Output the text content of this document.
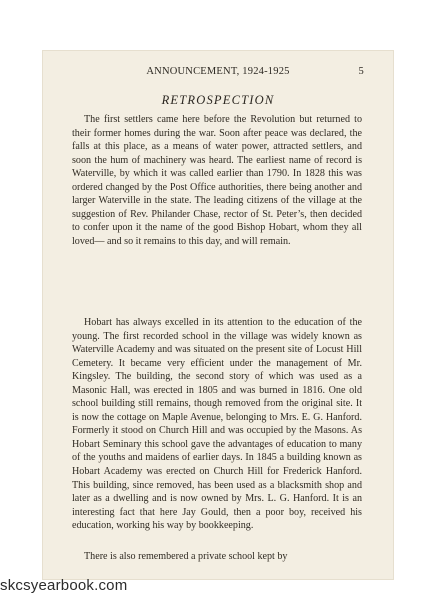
ANNOUNCEMENT, 1924-1925	5
RETROSPECTION

The first settlers came here before the Revolution but returned to their former homes during the war. Soon after peace was declared, the falls at this place, as a means of water power, attracted settlers, and soon the hum of machinery was heard. The earliest name of record is Waterville, by which it was called earlier than 1790. In 1828 this was ordered changed by the Post Office authorities, there being another and larger Waterville in the state. The leading citizens of the village at the suggestion of Rev. Philander Chase, rector of St. Peter’s, then decided to confer upon it the name of the good Bishop Hobart, whom they all loved— and so it remains to this day, and will remain.

Hobart has always excelled in its attention to the education of the young. The first recorded school in the village was widely known as Waterville Academy and was situated on the present site of Locust Hill Cemetery. It became very efficient under the management of Mr. Kingsley. The building, the second story of which was used as a Masonic Hall, was erected in 1805 and was burned in 1816. One old school building still remains, though removed from the original site. It is now the cottage on Maple Avenue, belonging to Mrs. E. G. Hanford. Formerly it stood on Church Hill and was occupied by the Masons. As Hobart Seminary this school gave the advantages of education to many of the youths and maidens of earlier days. In 1845 a building known as Hobart Academy was erected on Church Hill for Frederick Hanford. This building, since removed, has been used as a blacksmith shop and later as a dwelling and is now owned by Mrs. L. G. Hanford. It is an interesting fact that here Jay Gould, then a poor boy, received his education, working his way by bookkeeping.

There is also remembered a private school kept by

skcsyearbook.com
